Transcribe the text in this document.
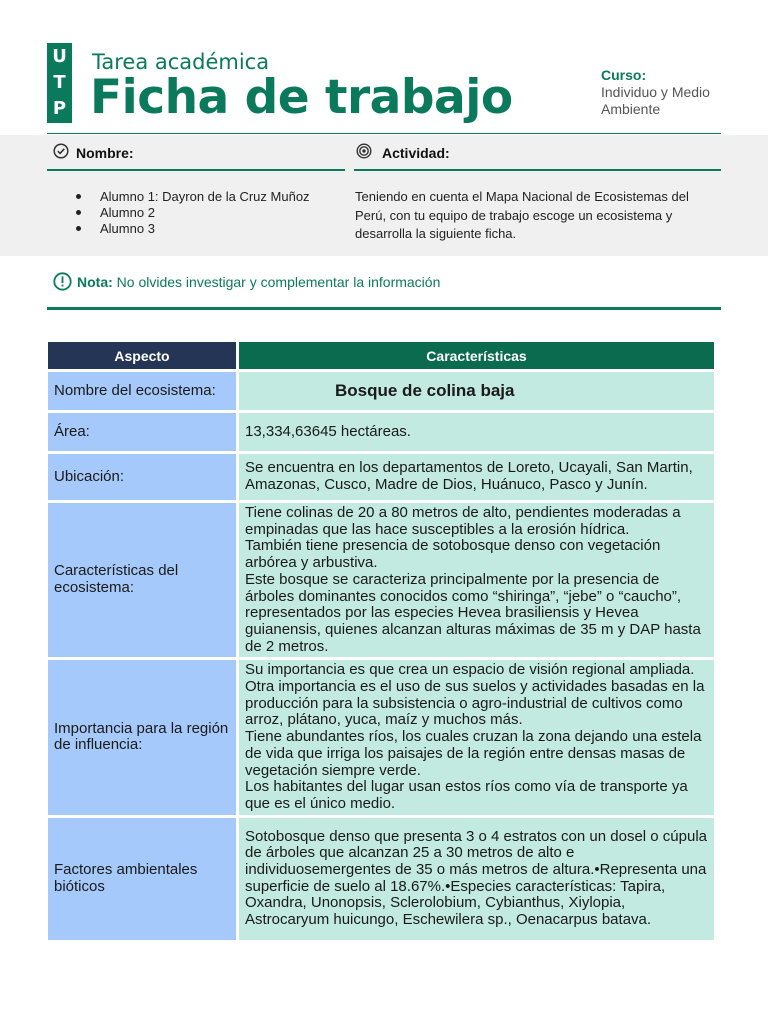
U
T
P
Tarea académica
Ficha de trabajo	Curso:
Individuo y Medio Ambiente
Nombre:	Actividad:
Alumno 1: Dayron de la Cruz Muñoz
Alumno 2
Alumno 3
Teniendo en cuenta el Mapa Nacional de Ecosistemas del Perú, con tu equipo de trabajo escoge un ecosistema y desarrolla la siguiente ficha.
Nota: No olvides investigar y complementar la información
Aspecto	Características
Nombre del ecosistema:	Bosque de colina baja

Área:	13,334,63645 hectáreas.

Ubicación:	Se encuentra en los departamentos de Loreto, Ucayali, San Martin, Amazonas, Cusco, Madre de Dios, Huánuco, Pasco y Junín.

Características del ecosistema:	Tiene colinas de 20 a 80 metros de alto, pendientes moderadas a empinadas que las hace susceptibles a la erosión hídrica.
También tiene presencia de sotobosque denso con vegetación arbórea y arbustiva.
Este bosque se caracteriza principalmente por la presencia de árboles dominantes conocidos como “shiringa”, “jebe” o “caucho”, representados por las especies Hevea brasiliensis y Hevea guianensis, quienes alcanzan alturas máximas de 35 m y DAP hasta de 2 metros.

Importancia para la región de influencia:	Su importancia es que crea un espacio de visión regional ampliada. Otra importancia es el uso de sus suelos y actividades basadas en la producción para la subsistencia o agro-industrial de cultivos como arroz, plátano, yuca, maíz y muchos más.
Tiene abundantes ríos, los cuales cruzan la zona dejando una estela de vida que irriga los paisajes de la región entre densas masas de vegetación siempre verde.
Los habitantes del lugar usan estos ríos como vía de transporte ya que es el único medio.

Factores ambientales bióticos	Sotobosque denso que presenta 3 o 4 estratos con un dosel o cúpula de árboles que alcanzan 25 a 30 metros de alto e individuosemergentes de 35 o más metros de altura.•Representa una superficie de suelo al 18.67%.•Especies características: Tapira, Oxandra, Unonopsis, Sclerolobium, Cybianthus, Xiylopia, Astrocaryum huicungo, Eschewilera sp., Oenacarpus batava.
